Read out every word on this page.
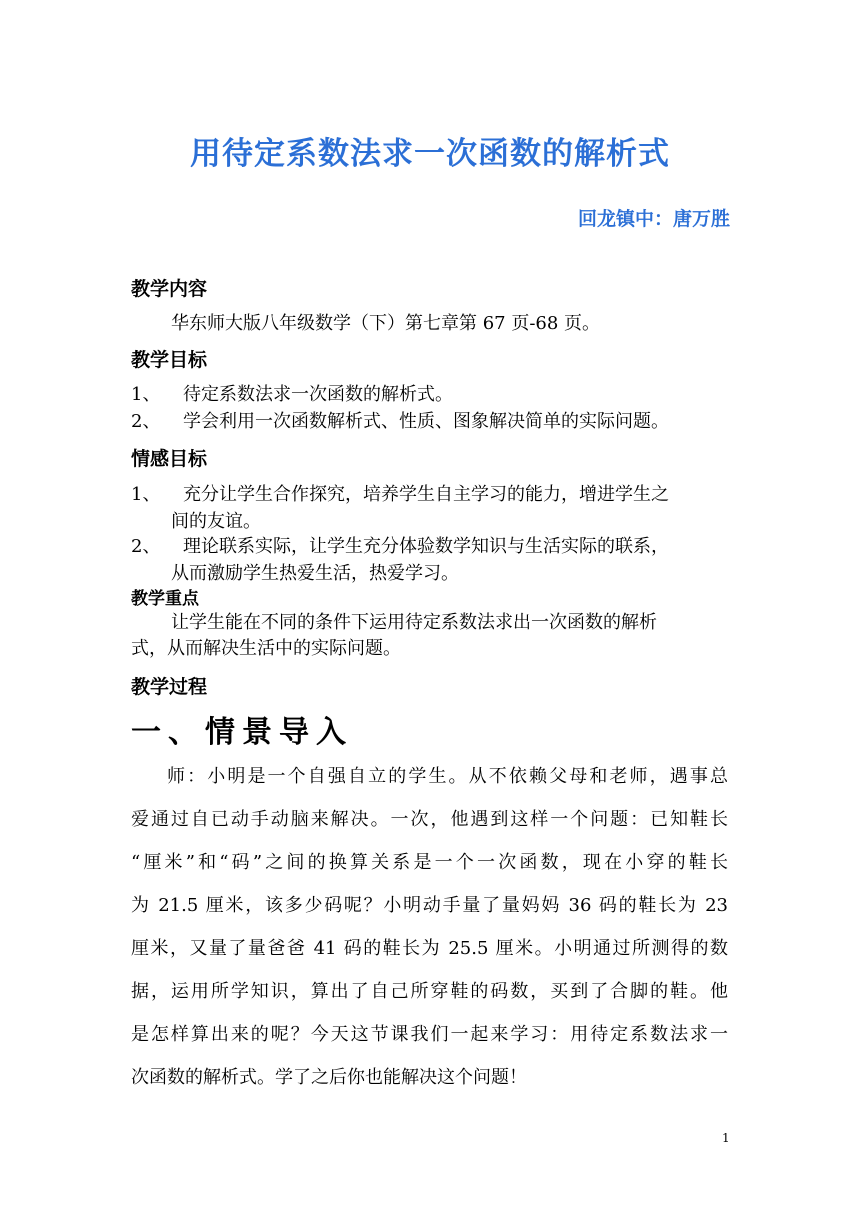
用待定系数法求一次函数的解析式
回龙镇中：唐万胜
教学内容
华东师大版八年级数学（下）第七章第 67 页-68 页。
教学目标
1、 待定系数法求一次函数的解析式。
2、 学会利用一次函数解析式、性质、图象解决简单的实际问题。
情感目标
1、 充分让学生合作探究，培养学生自主学习的能力，增进学生之
间的友谊。
2、 理论联系实际，让学生充分体验数学知识与生活实际的联系，
从而激励学生热爱生活，热爱学习。
教学重点
让学生能在不同的条件下运用待定系数法求出一次函数的解析
式，从而解决生活中的实际问题。
教学过程
一、情景导入
师：小明是一个自强自立的学生。从不依赖父母和老师，遇事总
爱通过自已动手动脑来解决。一次，他遇到这样一个问题：已知鞋长
“厘米”和“码”之间的换算关系是一个一次函数，现在小穿的鞋长
为 21.5 厘米，该多少码呢？小明动手量了量妈妈 36 码的鞋长为 23
厘米，又量了量爸爸 41 码的鞋长为 25.5 厘米。小明通过所测得的数
据，运用所学知识，算出了自己所穿鞋的码数，买到了合脚的鞋。他
是怎样算出来的呢？今天这节课我们一起来学习：用待定系数法求一
次函数的解析式。学了之后你也能解决这个问题！
1
